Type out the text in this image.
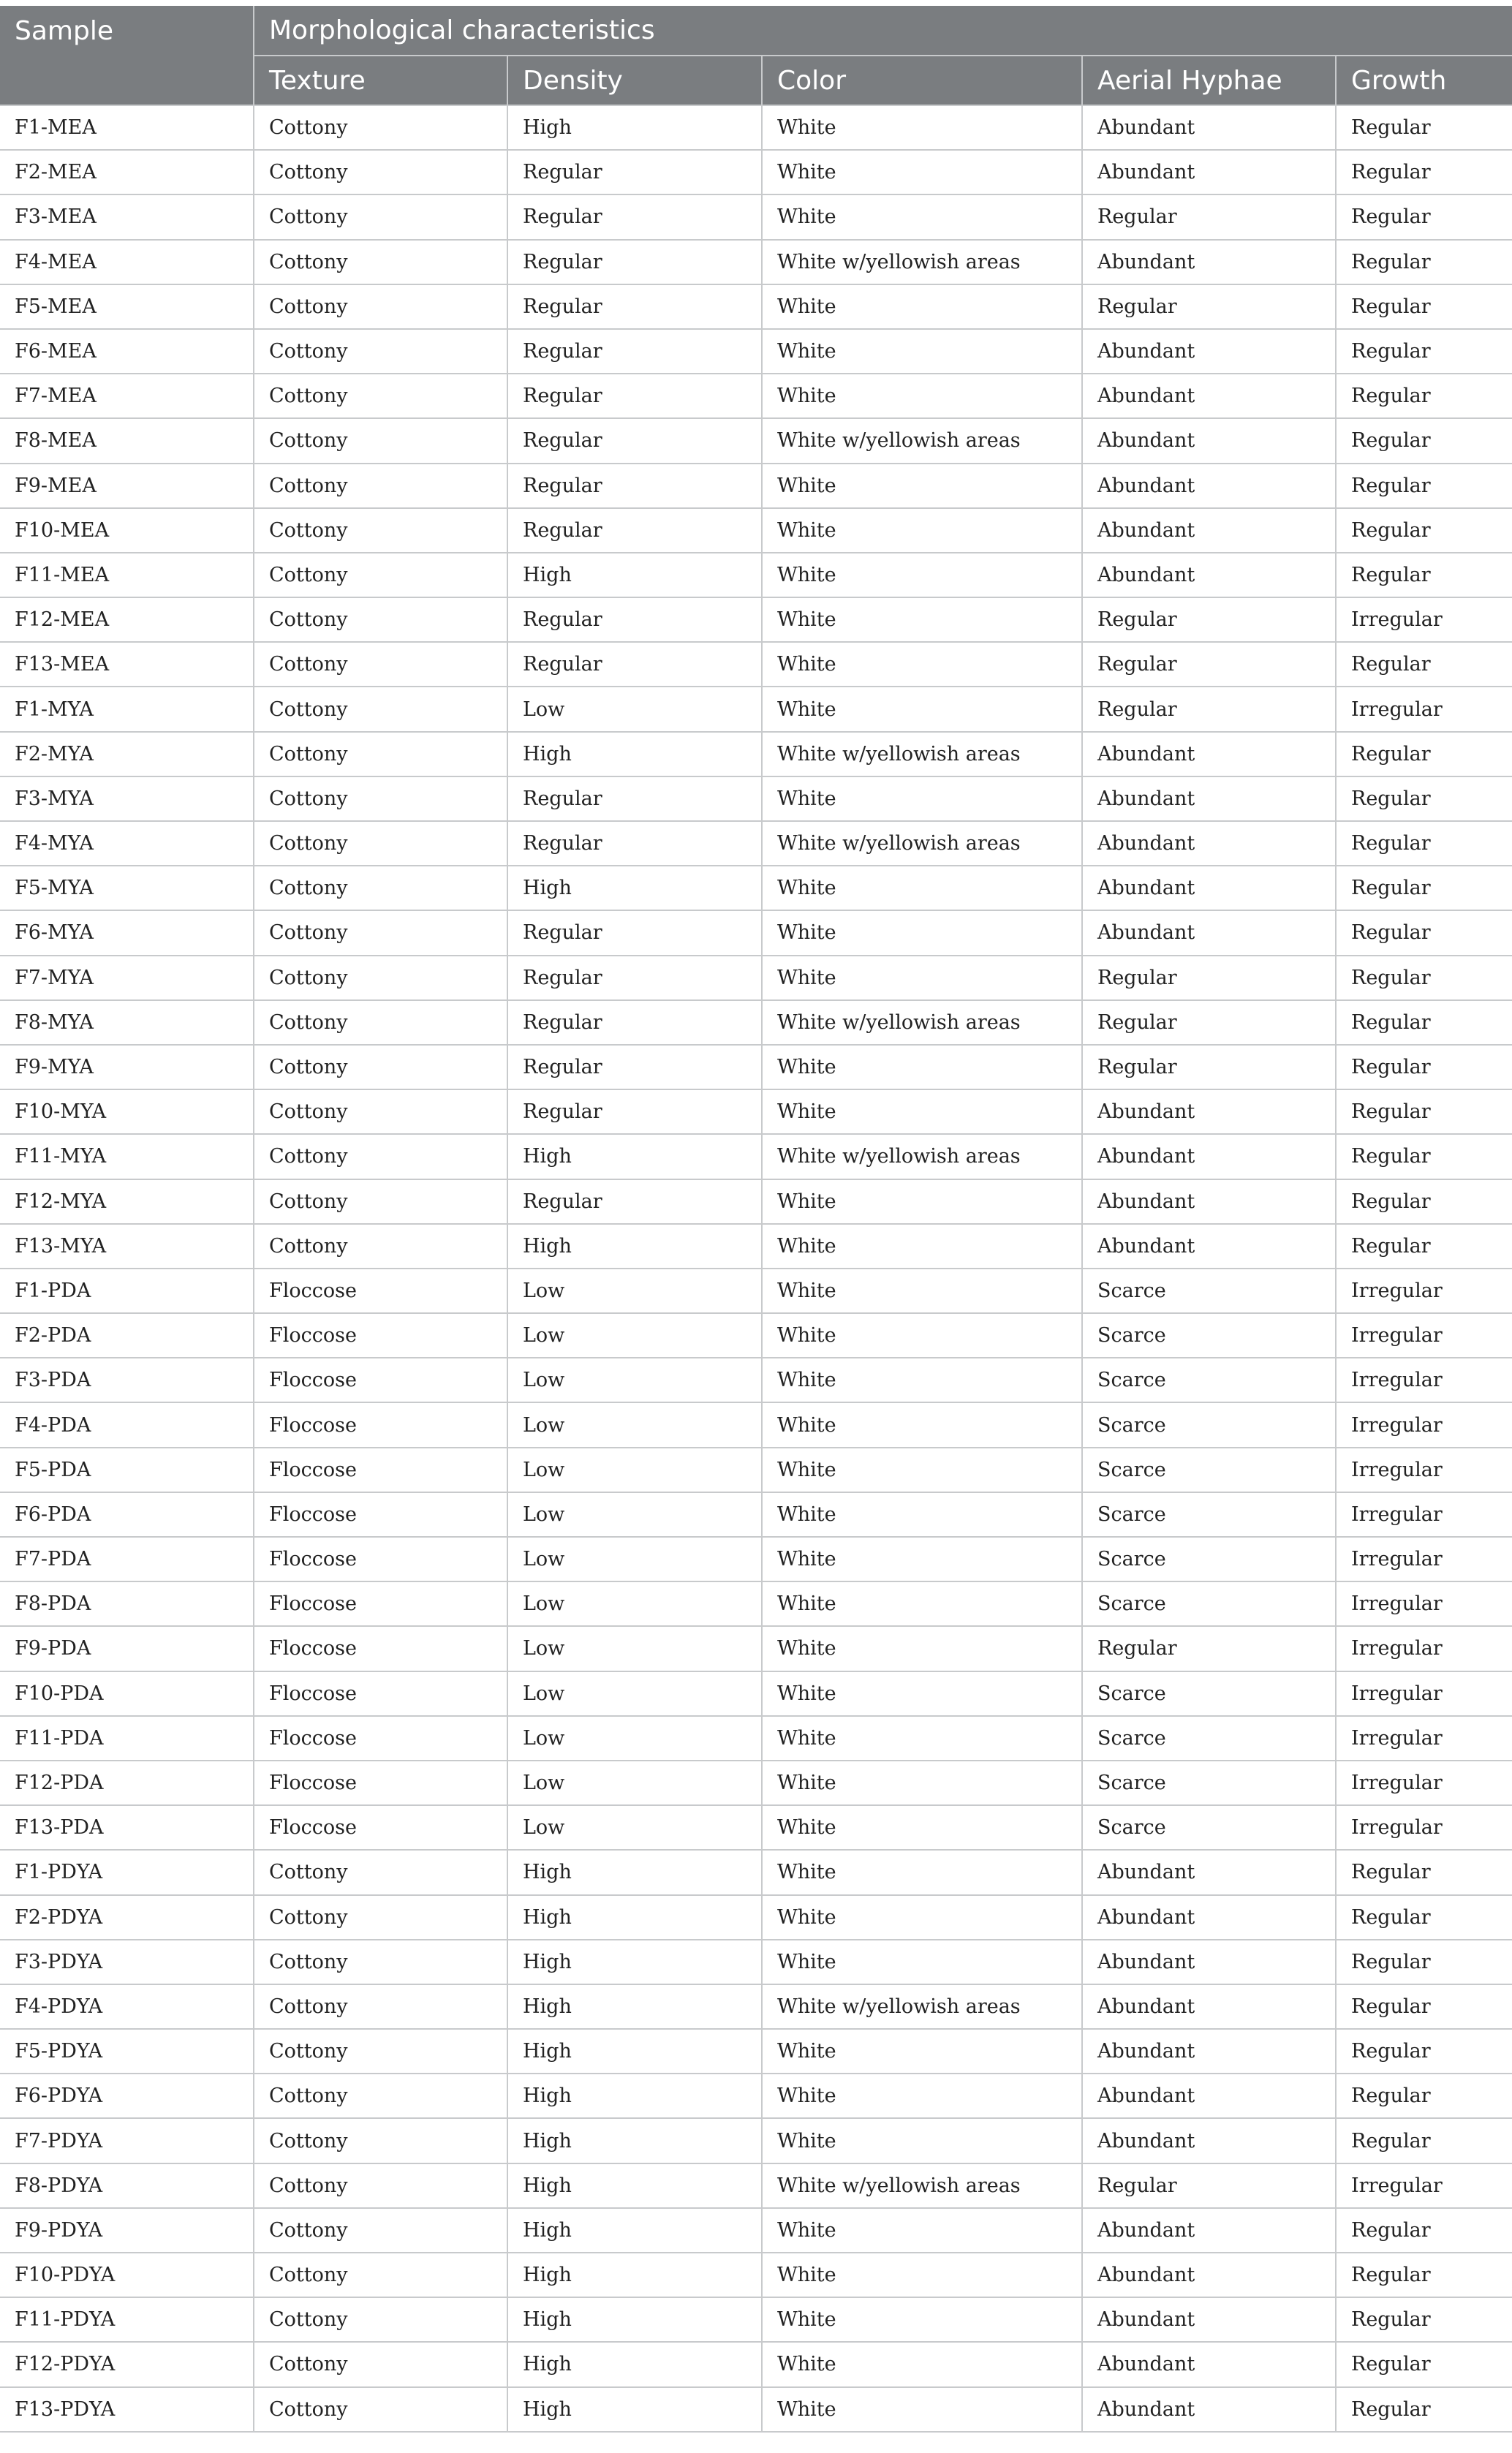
Sample	Morphological characteristics				
	Texture	Density	Color	Aerial Hyphae	Growth
F1-MEA	Cottony	High	White	Abundant	Regular
F2-MEA	Cottony	Regular	White	Abundant	Regular
F3-MEA	Cottony	Regular	White	Regular	Regular
F4-MEA	Cottony	Regular	White w/yellowish areas	Abundant	Regular
F5-MEA	Cottony	Regular	White	Regular	Regular
F6-MEA	Cottony	Regular	White	Abundant	Regular
F7-MEA	Cottony	Regular	White	Abundant	Regular
F8-MEA	Cottony	Regular	White w/yellowish areas	Abundant	Regular
F9-MEA	Cottony	Regular	White	Abundant	Regular
F10-MEA	Cottony	Regular	White	Abundant	Regular
F11-MEA	Cottony	High	White	Abundant	Regular
F12-MEA	Cottony	Regular	White	Regular	Irregular
F13-MEA	Cottony	Regular	White	Regular	Regular
F1-MYA	Cottony	Low	White	Regular	Irregular
F2-MYA	Cottony	High	White w/yellowish areas	Abundant	Regular
F3-MYA	Cottony	Regular	White	Abundant	Regular
F4-MYA	Cottony	Regular	White w/yellowish areas	Abundant	Regular
F5-MYA	Cottony	High	White	Abundant	Regular
F6-MYA	Cottony	Regular	White	Abundant	Regular
F7-MYA	Cottony	Regular	White	Regular	Regular
F8-MYA	Cottony	Regular	White w/yellowish areas	Regular	Regular
F9-MYA	Cottony	Regular	White	Regular	Regular
F10-MYA	Cottony	Regular	White	Abundant	Regular
F11-MYA	Cottony	High	White w/yellowish areas	Abundant	Regular
F12-MYA	Cottony	Regular	White	Abundant	Regular
F13-MYA	Cottony	High	White	Abundant	Regular
F1-PDA	Floccose	Low	White	Scarce	Irregular
F2-PDA	Floccose	Low	White	Scarce	Irregular
F3-PDA	Floccose	Low	White	Scarce	Irregular
F4-PDA	Floccose	Low	White	Scarce	Irregular
F5-PDA	Floccose	Low	White	Scarce	Irregular
F6-PDA	Floccose	Low	White	Scarce	Irregular
F7-PDA	Floccose	Low	White	Scarce	Irregular
F8-PDA	Floccose	Low	White	Scarce	Irregular
F9-PDA	Floccose	Low	White	Regular	Irregular
F10-PDA	Floccose	Low	White	Scarce	Irregular
F11-PDA	Floccose	Low	White	Scarce	Irregular
F12-PDA	Floccose	Low	White	Scarce	Irregular
F13-PDA	Floccose	Low	White	Scarce	Irregular
F1-PDYA	Cottony	High	White	Abundant	Regular
F2-PDYA	Cottony	High	White	Abundant	Regular
F3-PDYA	Cottony	High	White	Abundant	Regular
F4-PDYA	Cottony	High	White w/yellowish areas	Abundant	Regular
F5-PDYA	Cottony	High	White	Abundant	Regular
F6-PDYA	Cottony	High	White	Abundant	Regular
F7-PDYA	Cottony	High	White	Abundant	Regular
F8-PDYA	Cottony	High	White w/yellowish areas	Regular	Irregular
F9-PDYA	Cottony	High	White	Abundant	Regular
F10-PDYA	Cottony	High	White	Abundant	Regular
F11-PDYA	Cottony	High	White	Abundant	Regular
F12-PDYA	Cottony	High	White	Abundant	Regular
F13-PDYA	Cottony	High	White	Abundant	Regular
